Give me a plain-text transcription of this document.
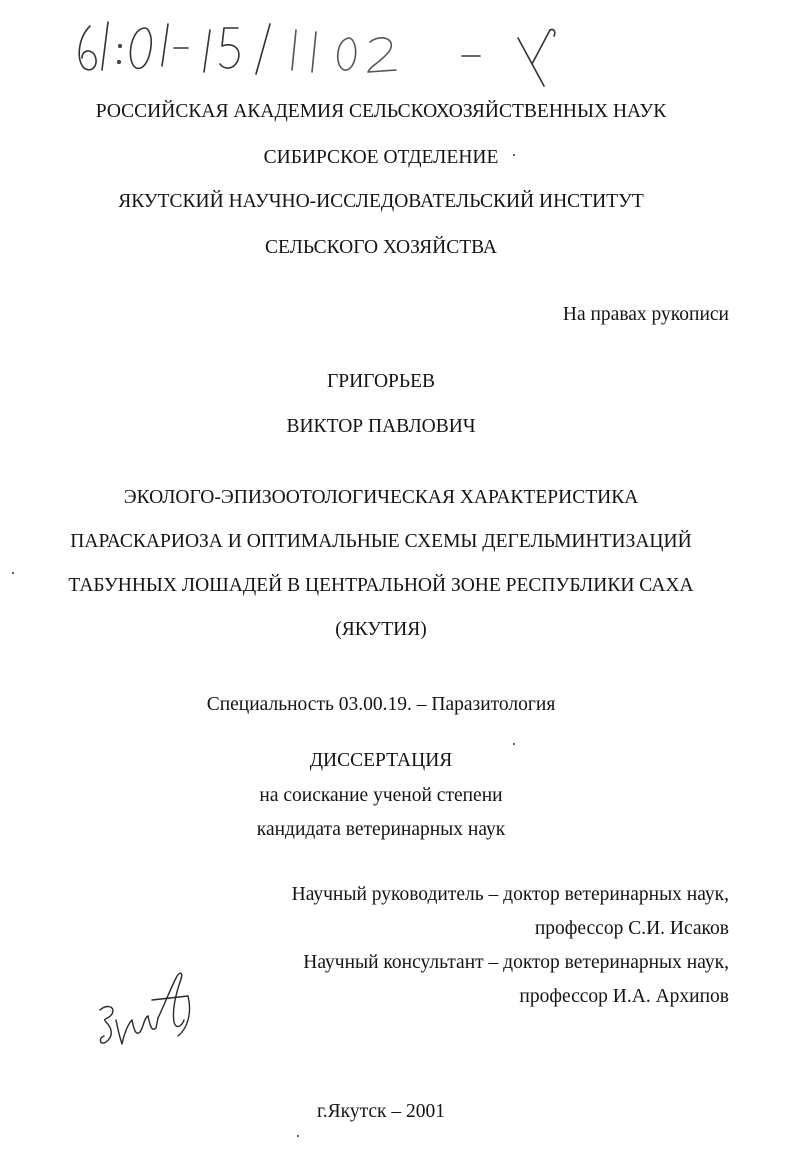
РОССИЙСКАЯ АКАДЕМИЯ СЕЛЬСКОХОЗЯЙСТВЕННЫХ НАУК
СИБИРСКОЕ ОТДЕЛЕНИЕ
ЯКУТСКИЙ НАУЧНО-ИССЛЕДОВАТЕЛЬСКИЙ ИНСТИТУТ
СЕЛЬСКОГО ХОЗЯЙСТВА
На правах рукописи
ГРИГОРЬЕВ
ВИКТОР ПАВЛОВИЧ
ЭКОЛОГО-ЭПИЗООТОЛОГИЧЕСКАЯ ХАРАКТЕРИСТИКА
ПАРАСКАРИОЗА И ОПТИМАЛЬНЫЕ СХЕМЫ ДЕГЕЛЬМИНТИЗАЦИЙ
ТАБУННЫХ ЛОШАДЕЙ В ЦЕНТРАЛЬНОЙ ЗОНЕ РЕСПУБЛИКИ САХА
(ЯКУТИЯ)
Специальность 03.00.19. – Паразитология
ДИССЕРТАЦИЯ
на соискание ученой степени
кандидата ветеринарных наук
Научный руководитель – доктор ветеринарных наук,
профессор С.И. Исаков
Научный консультант – доктор ветеринарных наук,
профессор И.А. Архипов
г.Якутск – 2001
